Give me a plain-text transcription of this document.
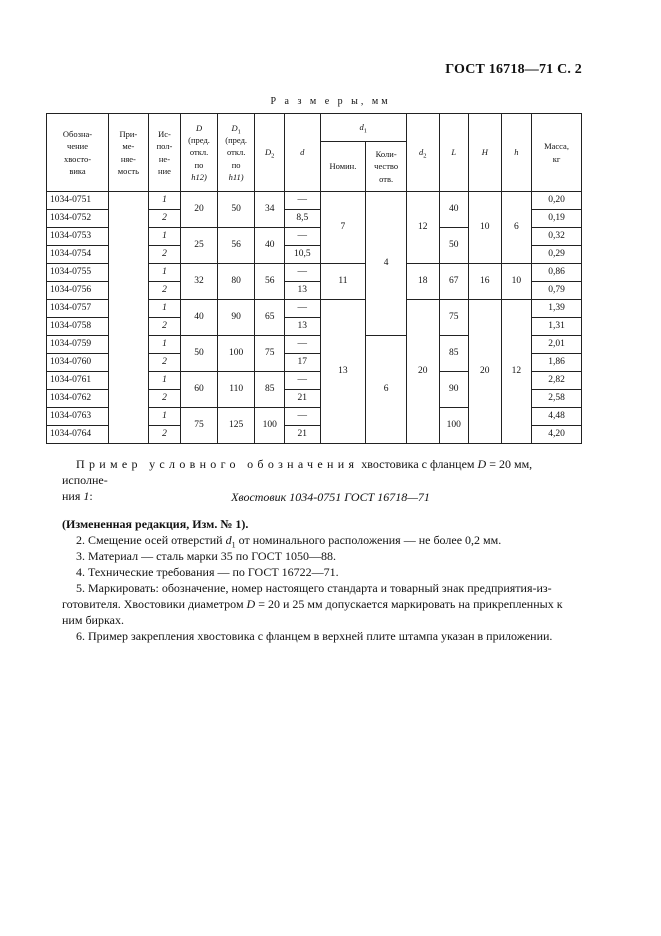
ГОСТ 16718—71 С. 2
Р а з м е р ы, мм
Обозна-
чение
хвосто-
вика	При-
ме-
няе-
мость	Ис-
пол-
не-
ние	D
(пред.
откл.
по
h12)	$D_1$
(пред.
откл.
по
h11)	$D_2$	d	$d_1$		$d_2$	L	H	h	Масса,
кг
							Номин.	Коли-
чество
отв.					
1034-0751		1	20	50	34	—	7	4	12	40	10	6	0,20
1034-0752		2				8,5							0,19
1034-0753		1	25	56	40	—				50			0,32
1034-0754		2				10,5							0,29
1034-0755		1	32	80	56	—	11		18	67	16	10	0,86
1034-0756		2				13							0,79
1034-0757		1	40	90	65	—	13		20	75	20	12	1,39
1034-0758		2				13							1,31
1034-0759		1	50	100	75	—		6		85			2,01
1034-0760		2				17							1,86
1034-0761		1	60	110	85	—				90			2,82
1034-0762		2				21							2,58
1034-0763		1	75	125	100	—				100			4,48
1034-0764		2				21							4,20
Пример условного обозначения хвостовика с фланцем D = 20 мм, исполне-
ния 1:	Хвостовик 1034-0751 ГОСТ 16718—71
(Измененная редакция, Изм. № 1).
2. Смещение осей отверстий $d_1$ от номинального расположения — не более 0,2 мм.
3. Материал — сталь марки 35 по ГОСТ 1050—88.
4. Технические требования — по ГОСТ 16722—71.
5. Маркировать: обозначение, номер настоящего стандарта и товарный знак предприятия-из-
готовителя. Хвостовики диаметром D = 20 и 25 мм допускается маркировать на прикрепленных к
ним бирках.
6. Пример закрепления хвостовика с фланцем в верхней плите штампа указан в приложении.
